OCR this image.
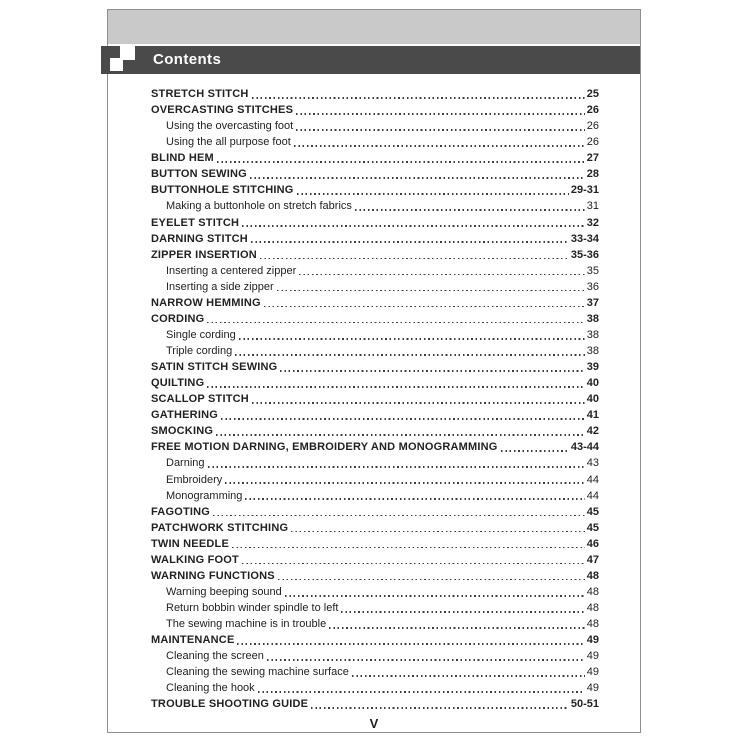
Contents
STRETCH STITCH	25
OVERCASTING STITCHES	26
Using the overcasting foot	26
Using the all purpose foot	26
BLIND HEM	27
BUTTON SEWING	28
BUTTONHOLE STITCHING	29-31
Making a buttonhole on stretch fabrics	31
EYELET STITCH	32
DARNING STITCH	33-34
ZIPPER INSERTION	35-36
Inserting a centered zipper	35
Inserting a side zipper	36
NARROW HEMMING	37
CORDING	38
Single cording	38
Triple cording	38
SATIN STITCH SEWING	39
QUILTING	40
SCALLOP STITCH	40
GATHERING	41
SMOCKING	42
FREE MOTION DARNING, EMBROIDERY AND MONOGRAMMING	43-44
Darning	43
Embroidery	44
Monogramming	44
FAGOTING	45
PATCHWORK STITCHING	45
TWIN NEEDLE	46
WALKING FOOT	47
WARNING FUNCTIONS	48
Warning beeping sound	48
Return bobbin winder spindle to left	48
The sewing machine is in trouble	48
MAINTENANCE	49
Cleaning the screen	49
Cleaning the sewing machine surface	49
Cleaning the hook	49
TROUBLE SHOOTING GUIDE	50-51
V
